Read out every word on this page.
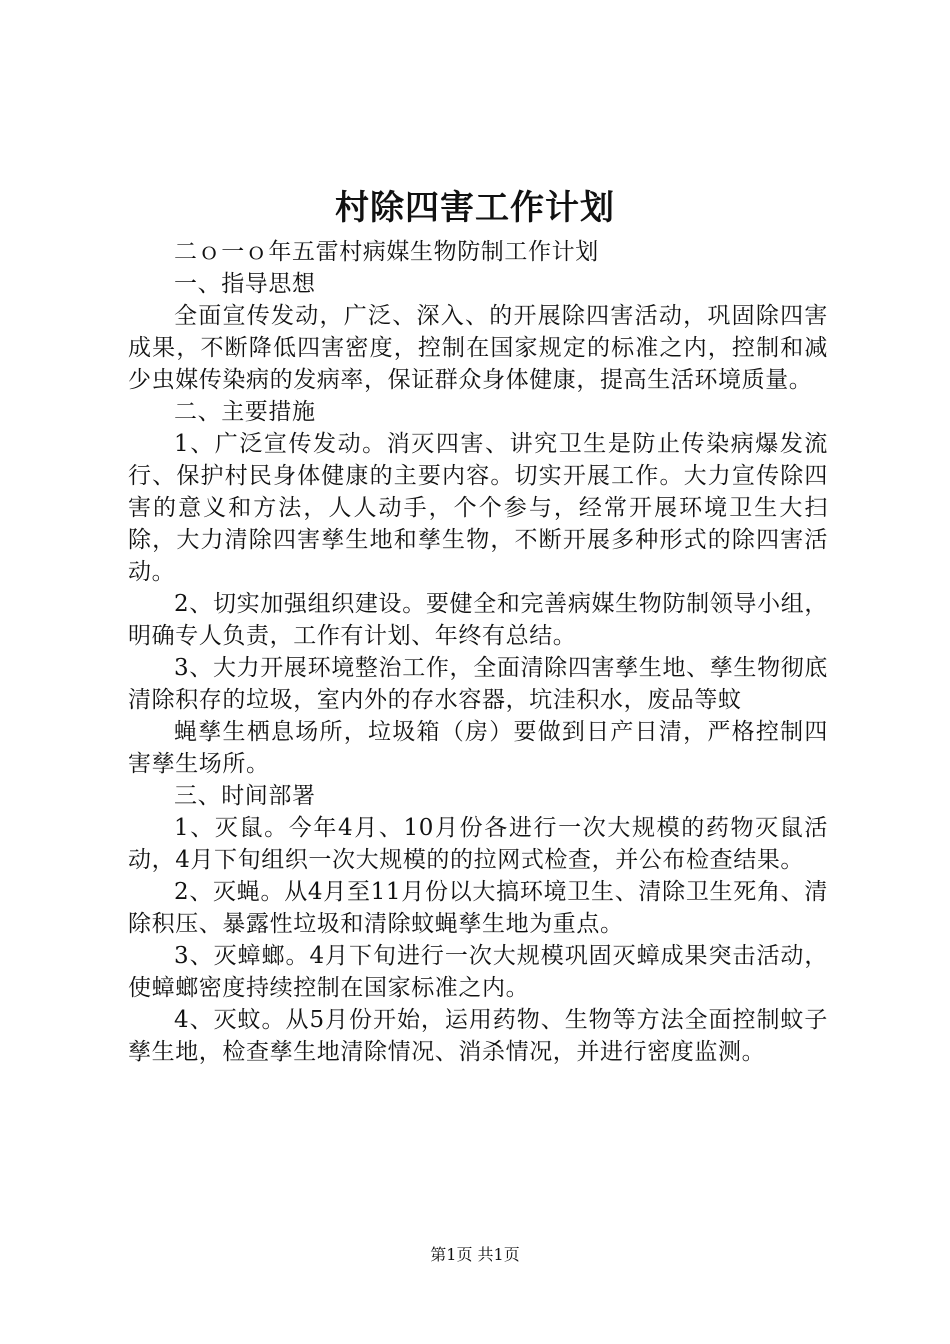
村除四害工作计划

二ｏ一ｏ年五雷村病媒生物防制工作计划

一、指导思想

全面宣传发动，广泛、深入、的开展除四害活动，巩固除四害成果，不断降低四害密度，控制在国家规定的标准之内，控制和减少虫媒传染病的发病率，保证群众身体健康，提高生活环境质量。

二、主要措施

1、广泛宣传发动。消灭四害、讲究卫生是防止传染病爆发流行、保护村民身体健康的主要内容。切实开展工作。大力宣传除四害的意义和方法，人人动手，个个参与，经常开展环境卫生大扫除，大力清除四害孳生地和孳生物，不断开展多种形式的除四害活动。

2、切实加强组织建设。要健全和完善病媒生物防制领导小组，明确专人负责，工作有计划、年终有总结。

3、大力开展环境整治工作，全面清除四害孳生地、孳生物彻底清除积存的垃圾，室内外的存水容器，坑洼积水，废品等蚊

蝇孳生栖息场所，垃圾箱（房）要做到日产日清，严格控制四害孳生场所。

三、时间部署

1、灭鼠。今年4月、10月份各进行一次大规模的药物灭鼠活动，4月下旬组织一次大规模的的拉网式检查，并公布检查结果。

2、灭蝇。从4月至11月份以大搞环境卫生、清除卫生死角、清除积压、暴露性垃圾和清除蚊蝇孳生地为重点。

3、灭蟑螂。4月下旬进行一次大规模巩固灭蟑成果突击活动，使蟑螂密度持续控制在国家标准之内。

4、灭蚊。从5月份开始，运用药物、生物等方法全面控制蚊子孳生地，检查孳生地清除情况、消杀情况，并进行密度监测。

第1页 共1页
